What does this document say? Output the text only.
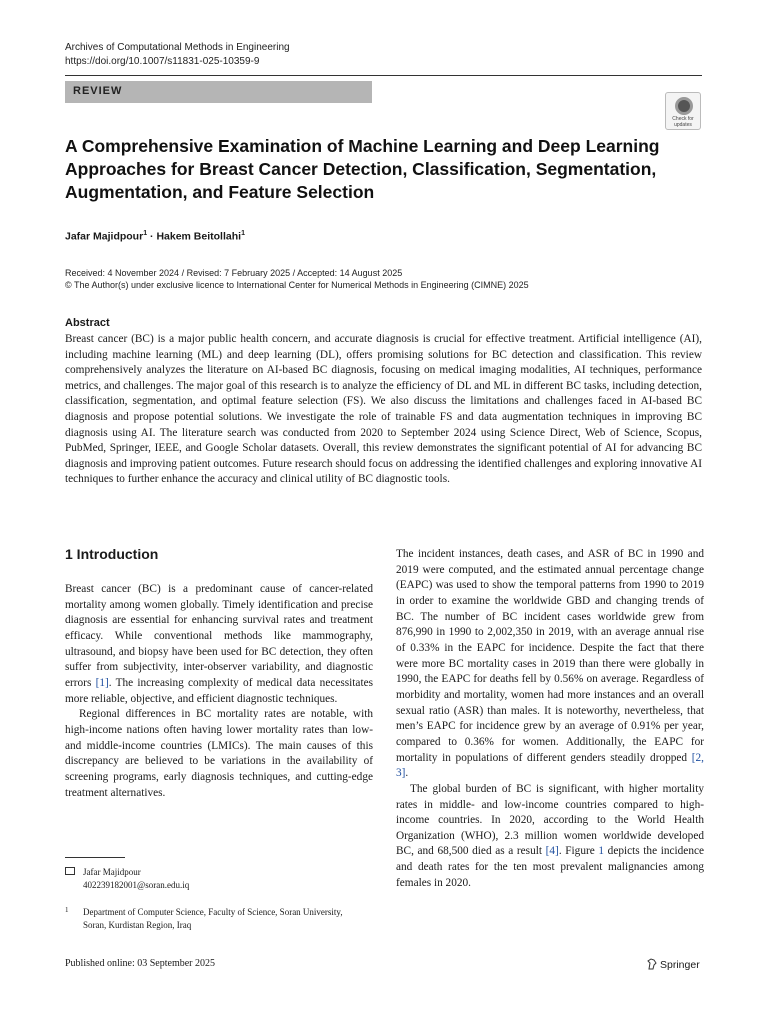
Archives of Computational Methods in Engineering
https://doi.org/10.1007/s11831-025-10359-9
REVIEW
Check for updates
A Comprehensive Examination of Machine Learning and Deep Learning Approaches for Breast Cancer Detection, Classification, Segmentation, Augmentation, and Feature Selection
Jafar Majidpour$^1$ · Hakem Beitollahi$^1$
Received: 4 November 2024 / Revised: 7 February 2025 / Accepted: 14 August 2025
© The Author(s) under exclusive licence to International Center for Numerical Methods in Engineering (CIMNE) 2025
Abstract
Breast cancer (BC) is a major public health concern, and accurate diagnosis is crucial for effective treatment. Artificial intelligence (AI), including machine learning (ML) and deep learning (DL), offers promising solutions for BC detection and classification. This review comprehensively analyzes the literature on AI-based BC diagnosis, focusing on medical imaging modalities, AI techniques, performance metrics, and challenges. The major goal of this research is to analyze the efficiency of DL and ML in different BC tasks, including detection, classification, segmentation, and optimal feature selection (FS). We also discuss the limitations and challenges faced in AI-based BC diagnosis and propose potential solutions. We investigate the role of trainable FS and data augmentation techniques in improving BC diagnosis using AI. The literature search was conducted from 2020 to September 2024 using Science Direct, Web of Science, Scopus, PubMed, Springer, IEEE, and Google Scholar datasets. Overall, this review demonstrates the significant potential of AI for advancing BC diagnosis and improving patient outcomes. Future research should focus on addressing the identified challenges and exploring innovative AI techniques to further enhance the accuracy and clinical utility of BC diagnostic tools.
1 Introduction

Breast cancer (BC) is a predominant cause of cancer-related mortality among women globally. Timely identification and precise diagnosis are essential for enhancing survival rates and treatment efficacy. While conventional methods like mammography, ultrasound, and biopsy have been used for BC detection, they often suffer from subjectivity, inter-observer variability, and diagnostic errors [1]. The increasing complexity of medical data necessitates more reliable, objective, and efficient diagnostic techniques.

Regional differences in BC mortality rates are notable, with high-income nations often having lower mortality rates than low- and middle-income countries (LMICs). The main causes of this discrepancy are believed to be variations in the availability of screening programs, early diagnosis techniques, and cutting-edge treatment alternatives.

The incident instances, death cases, and ASR of BC in 1990 and 2019 were computed, and the estimated annual percentage change (EAPC) was used to show the temporal patterns from 1990 to 2019 in order to examine the worldwide GBD and changing trends of BC. The number of BC incident cases worldwide grew from 876,990 in 1990 to 2,002,350 in 2019, with an average annual rise of 0.33% in the EAPC for incidence. Despite the fact that there were more BC mortality cases in 2019 than there were globally in 1990, the EAPC for deaths fell by 0.56% on average. Regardless of morbidity and mortality, women had more instances and an overall sexual ratio (ASR) than males. It is noteworthy, nevertheless, that men’s EAPC for incidence grew by an average of 0.91% per year, compared to 0.36% for women. Additionally, the EAPC for mortality in populations of different genders steadily dropped [2, 3].

The global burden of BC is significant, with higher mortality rates in middle- and low-income countries compared to high-income countries. In 2020, according to the World Health Organization (WHO), 2.3 million women worldwide developed BC, and 68,500 died as a result [4]. Figure 1 depicts the incidence and death rates for the ten most prevalent malignancies among females in 2020.

Jafar Majidpour
402239182001@soran.edu.iq
1 Department of Computer Science, Faculty of Science, Soran University, Soran, Kurdistan Region, Iraq
Published online: 03 September 2025	Springer
